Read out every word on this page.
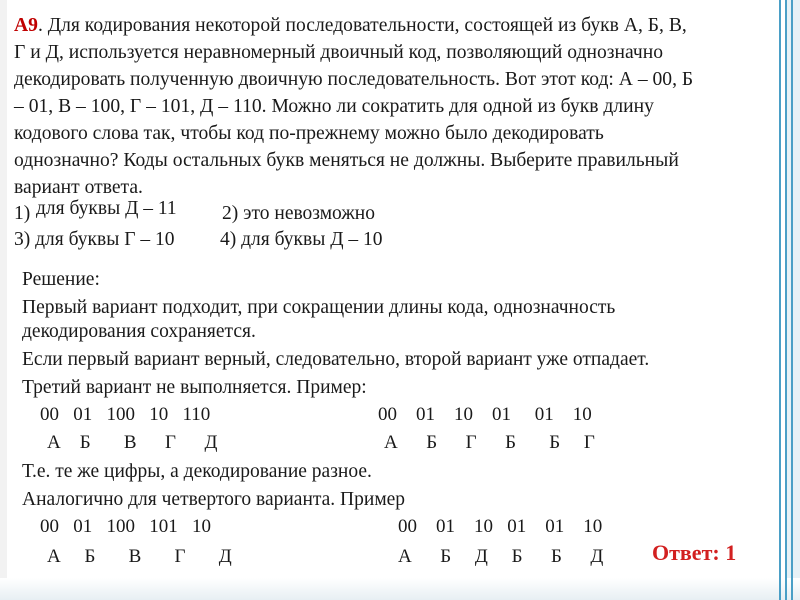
А9. Для кодирования некоторой последовательности, состоящей из букв А, Б, В,
Г и Д, используется неравномерный двоичный код, позволяющий однозначно
декодировать полученную двоичную последовательность. Вот этот код: А – 00, Б
– 01, В – 100, Г – 101, Д – 110. Можно ли сократить для одной из букв длину
кодового слова так, чтобы код по-прежнему можно было декодировать
однозначно? Коды остальных букв меняться не должны. Выберите правильный
вариант ответа.
1) для буквы Д – 11 2) это невозможно
3) для буквы Г – 10 4) для буквы Д – 10
Решение:
Первый вариант подходит, при сокращении длины кода, однозначность
декодирования сохраняется.
Если первый вариант верный, следовательно, второй вариант уже отпадает.
Третий вариант не выполняется. Пример:
00   01   100   10   110	00    01    10    01     01    10
А    Б       В      Г      Д	А      Б      Г      Б       Б     Г
Т.е. те же цифры, а декодирование разное.
Аналогично для четвертого варианта. Пример
00   01   100   101   10	00    01    10   01    01    10
А     Б       В       Г       Д	А      Б     Д     Б      Б      Д Ответ: 1
